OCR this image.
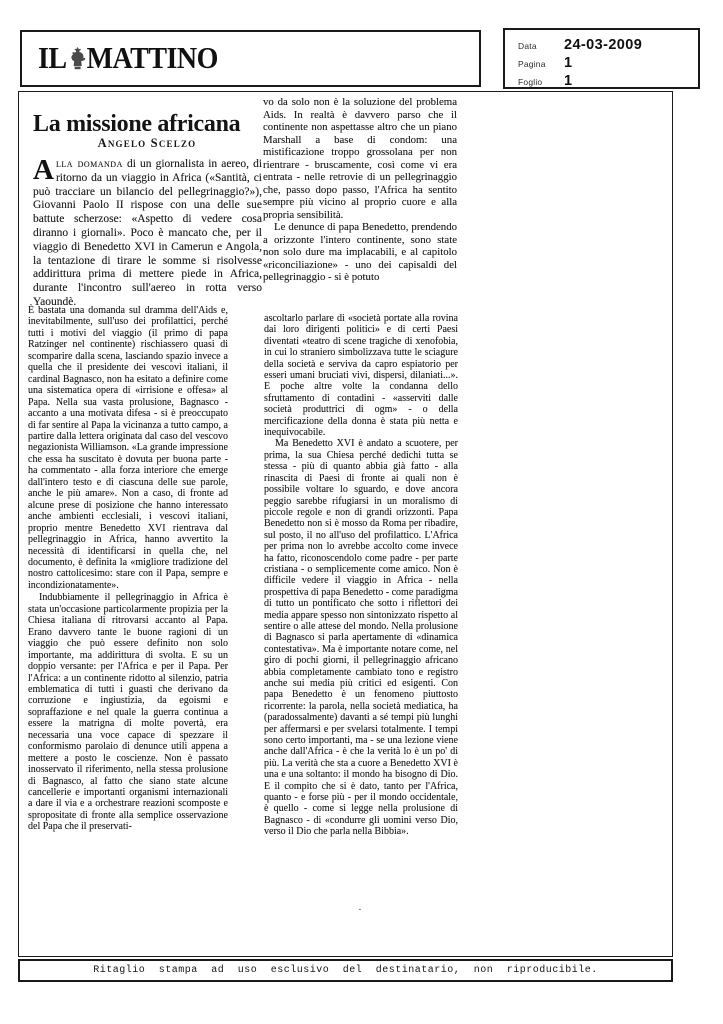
IL MATTINO	Data	24-03-2009
Pagina	1
Foglio	1
La missione africana
Angelo Scelzo
Alla domanda di un giornalista in aereo, di ritorno da un viaggio in Africa («Santità, ci può tracciare un bilancio del pellegrinaggio?»), Giovanni Paolo II rispose con una delle sue battute scherzose: «Aspetto di vedere cosa diranno i giornali». Poco è mancato che, per il viaggio di Benedetto XVI in Camerun e Angola, la tentazione di tirare le somme si risolvesse addirittura prima di mettere piede in Africa, durante l'incontro sull'aereo in rotta verso Yaoundè.

È bastata una domanda sul dramma dell'Aids e, inevitabilmente, sull'uso dei profilattici, perché tutti i motivi del viaggio (il primo di papa Ratzinger nel continente) rischiassero quasi di scomparire dalla scena, lasciando spazio invece a quella che il presidente dei vescovi italiani, il cardinal Bagnasco, non ha esitato a definire come una sistematica opera di «irrisione e offesa» al Papa. Nella sua vasta prolusione, Bagnasco - accanto a una motivata difesa - si è preoccupato di far sentire al Papa la vicinanza a tutto campo, a partire dalla lettera originata dal caso del vescovo negazionista Williamson. «La grande impressione che essa ha suscitato è dovuta per buona parte - ha commentato - alla forza interiore che emerge dall'intero testo e di ciascuna delle sue parole, anche le più amare». Non a caso, di fronte ad alcune prese di posizione che hanno interessato anche ambienti ecclesiali, i vescovi italiani, proprio mentre Benedetto XVI rientrava dal pellegrinaggio in Africa, hanno avvertito la necessità di identificarsi in quella che, nel documento, è definita la «migliore tradizione del nostro cattolicesimo: stare con il Papa, sempre e incondizionatamente».

Indubbiamente il pellegrinaggio in Africa è stata un'occasione particolarmente propizia per la Chiesa italiana di ritrovarsi accanto al Papa. Erano davvero tante le buone ragioni di un viaggio che può essere definito non solo importante, ma addirittura di svolta. E su un doppio versante: per l'Africa e per il Papa. Per l'Africa: a un continente ridotto al silenzio, patria emblematica di tutti i guasti che derivano da corruzione e ingiustizia, da egoismi e sopraffazione e nel quale la guerra continua a essere la matrigna di molte povertà, era necessaria una voce capace di spezzare il conformismo parolaio di denunce utili appena a mettere a posto le coscienze. Non è passato inosservato il riferimento, nella stessa prolusione di Bagnasco, al fatto che siano state alcune cancellerie e importanti organismi internazionali a dare il via e a orchestrare reazioni scomposte e spropositate di fronte alla semplice osservazione del Papa che il preservati-

vo da solo non è la soluzione del problema Aids. In realtà è davvero parso che il continente non aspettasse altro che un piano Marshall a base di condom: una mistificazione troppo grossolana per non rientrare - bruscamente, così come vi era entrata - nelle retrovie di un pellegrinaggio che, passo dopo passo, l'Africa ha sentito sempre più vicino al proprio cuore e alla propria sensibilità.

Le denunce di papa Benedetto, prendendo a orizzonte l'intero continente, sono state non solo dure ma implacabili, e al capitolo «riconciliazione» - uno dei capisaldi del pellegrinaggio - si è potuto

ascoltarlo parlare di «società portate alla rovina dai loro dirigenti politici» e di certi Paesi diventati «teatro di scene tragiche di xenofobia, in cui lo straniero simbolizzava tutte le sciagure della società e serviva da capro espiatorio per esseri umani bruciati vivi, dispersi, dilaniati...». E poche altre volte la condanna dello sfruttamento di contadini - «asserviti dalle società produttrici di ogm» - o della mercificazione della donna è stata più netta e inequivocabile.

Ma Benedetto XVI è andato a scuotere, per prima, la sua Chiesa perché dedichi tutta se stessa - più di quanto abbia già fatto - alla rinascita di Paesi di fronte ai quali non è possibile voltare lo sguardo, e dove ancora peggio sarebbe rifugiarsi in un moralismo di piccole regole e non di grandi orizzonti. Papa Benedetto non si è mosso da Roma per ribadire, sul posto, il no all'uso del profilattico. L'Africa per prima non lo avrebbe accolto come invece ha fatto, riconoscendolo come padre - per parte cristiana - o semplicemente come amico. Non è difficile vedere il viaggio in Africa - nella prospettiva di papa Benedetto - come paradigma di tutto un pontificato che sotto i riflettori dei media appare spesso non sintonizzato rispetto al sentire o alle attese del mondo. Nella prolusione di Bagnasco si parla apertamente di «dinamica contestativa». Ma è importante notare come, nel giro di pochi giorni, il pellegrinaggio africano abbia completamente cambiato tono e registro anche sui media più critici ed esigenti. Con papa Benedetto è un fenomeno piuttosto ricorrente: la parola, nella società mediatica, ha (paradossalmente) davanti a sé tempi più lunghi per affermarsi e per svelarsi totalmente. I tempi sono certo importanti, ma - se una lezione viene anche dall'Africa - è che la verità lo è un po' di più. La verità che sta a cuore a Benedetto XVI è una e una soltanto: il mondo ha bisogno di Dio. E il compito che si è dato, tanto per l'Africa, quanto - e forse più - per il mondo occidentale, è quello - come si legge nella prolusione di Bagnasco - di «condurre gli uomini verso Dio, verso il Dio che parla nella Bibbia».

·
Ritaglio stampa ad uso esclusivo del destinatario, non riproducibile.
